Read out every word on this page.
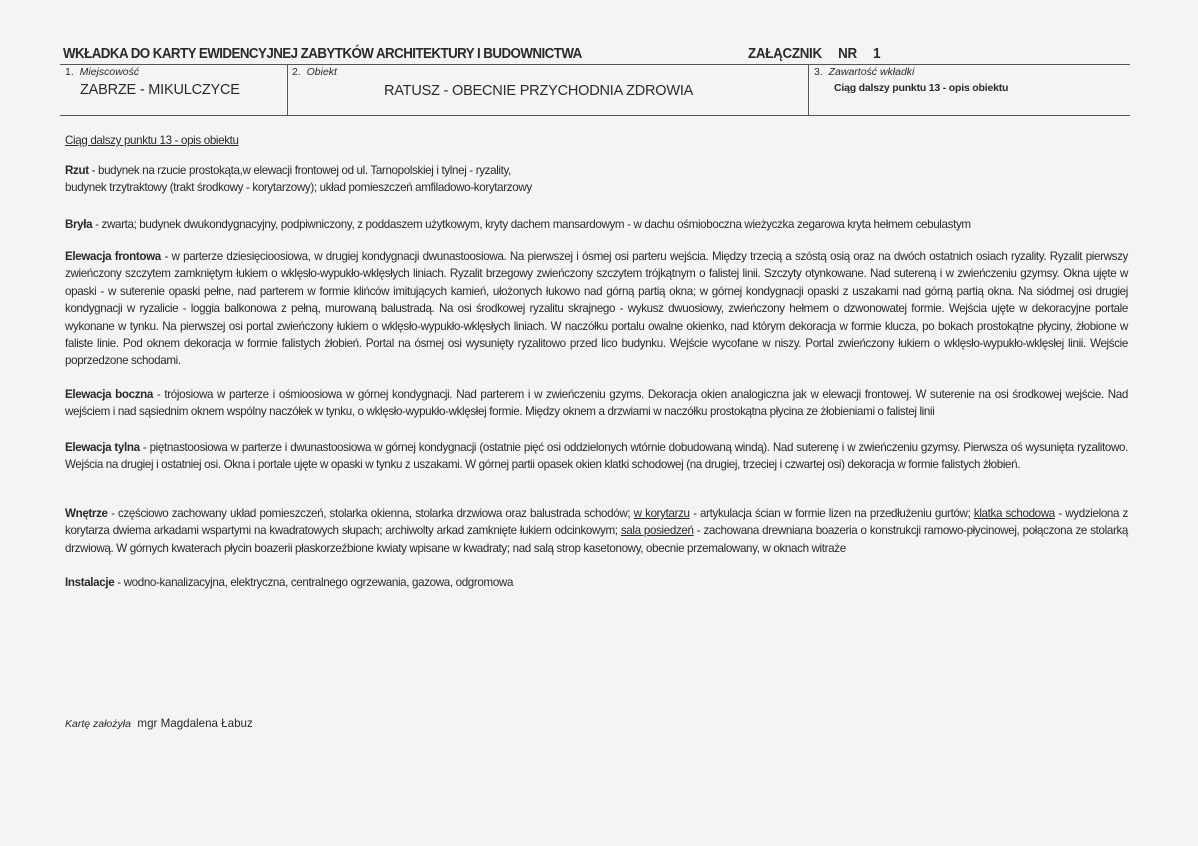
WKŁADKA DO KARTY EWIDENCYJNEJ ZABYTKÓW ARCHITEKTURY I BUDOWNICTWA	ZAŁĄCZNIK NR 1
1. Miejscowość
ZABRZE - MIKULCZYCE
2. Obiekt
RATUSZ - OBECNIE PRZYCHODNIA ZDROWIA
3. Zawartość wkładki
Ciąg dalszy punktu 13 - opis obiektu
Ciąg dalszy punktu 13 - opis obiektu
Rzut - budynek na rzucie prostokąta,w elewacji frontowej od ul. Tarnopolskiej i tylnej - ryzality,
budynek trzytraktowy (trakt środkowy - korytarzowy); układ pomieszczeń amfiladowo-korytarzowy
Bryła - zwarta; budynek dwukondygnacyjny, podpiwniczony, z poddaszem użytkowym, kryty dachem mansardowym - w dachu ośmioboczna wieżyczka zegarowa kryta hełmem cebulastym
Elewacja frontowa - w parterze dziesięcioosiowa, w drugiej kondygnacji dwunastoosiowa. Na pierwszej i ósmej osi parteru wejścia. Między trzecią a szóstą osią oraz na dwóch ostatnich osiach ryzality. Ryzalit pierwszy zwieńczony szczytem zamkniętym łukiem o wklęsło-wypukło-wklęsłych liniach. Ryzalit brzegowy zwieńczony szczytem trójkątnym o falistej linii. Szczyty otynkowane. Nad sutereną i w zwieńczeniu gzymsy. Okna ujęte w opaski - w suterenie opaski pełne, nad parterem w formie klińców imitujących kamień, ułożonych łukowo nad górną partią okna; w górnej kondygnacji opaski z uszakami nad górną partią okna. Na siódmej osi drugiej kondygnacji w ryzalicie - loggia balkonowa z pełną, murowaną balustradą. Na osi środkowej ryzalitu skrajnego - wykusz dwuosiowy, zwieńczony hełmem o dzwonowatej formie. Wejścia ujęte w dekoracyjne portale wykonane w tynku. Na pierwszej osi portal zwieńczony łukiem o wklęsło-wypukło-wklęsłych liniach. W naczółku portalu owalne okienko, nad którym dekoracja w formie klucza, po bokach prostokątne płyciny, żłobione w faliste linie. Pod oknem dekoracja w formie falistych żłobień. Portal na ósmej osi wysunięty ryzalitowo przed lico budynku. Wejście wycofane w niszy. Portal zwieńczony łukiem o wklęsło-wypukło-wklęsłej linii. Wejście poprzedzone schodami.
Elewacja boczna - trójosiowa w parterze i ośmioosiowa w górnej kondygnacji. Nad parterem i w zwieńczeniu gzyms. Dekoracja okien analogiczna jak w elewacji frontowej. W suterenie na osi środkowej wejście. Nad wejściem i nad sąsiednim oknem wspólny naczółek w tynku, o wklęsło-wypukło-wklęsłej formie. Między oknem a drzwiami w naczółku prostokątna płycina ze żłobieniami o falistej linii
Elewacja tylna - piętnastoosiowa w parterze i dwunastoosiowa w górnej kondygnacji (ostatnie pięć osi oddzielonych wtórnie dobudowaną windą). Nad suterenę i w zwieńczeniu gzymsy. Pierwsza oś wysunięta ryzalitowo. Wejścia na drugiej i ostatniej osi. Okna i portale ujęte w opaski w tynku z uszakami. W górnej partii opasek okien klatki schodowej (na drugiej, trzeciej i czwartej osi) dekoracja w formie falistych żłobień.
Wnętrze - częściowo zachowany układ pomieszczeń, stolarka okienna, stolarka drzwiowa oraz balustrada schodów; w korytarzu - artykulacja ścian w formie lizen na przedłużeniu gurtów; klatka schodowa - wydzielona z korytarza dwiema arkadami wspartymi na kwadratowych słupach; archiwolty arkad zamknięte łukiem odcinkowym; sala posiedzeń - zachowana drewniana boazeria o konstrukcji ramowo-płycinowej, połączona ze stolarką drzwiową. W górnych kwaterach płycin boazerii płaskorzeźbione kwiaty wpisane w kwadraty; nad salą strop kasetonowy, obecnie przemalowany, w oknach witraże
Instalacje - wodno-kanalizacyjna, elektryczna, centralnego ogrzewania, gazowa, odgromowa
Kartę założyła mgr Magdalena Łabuz
